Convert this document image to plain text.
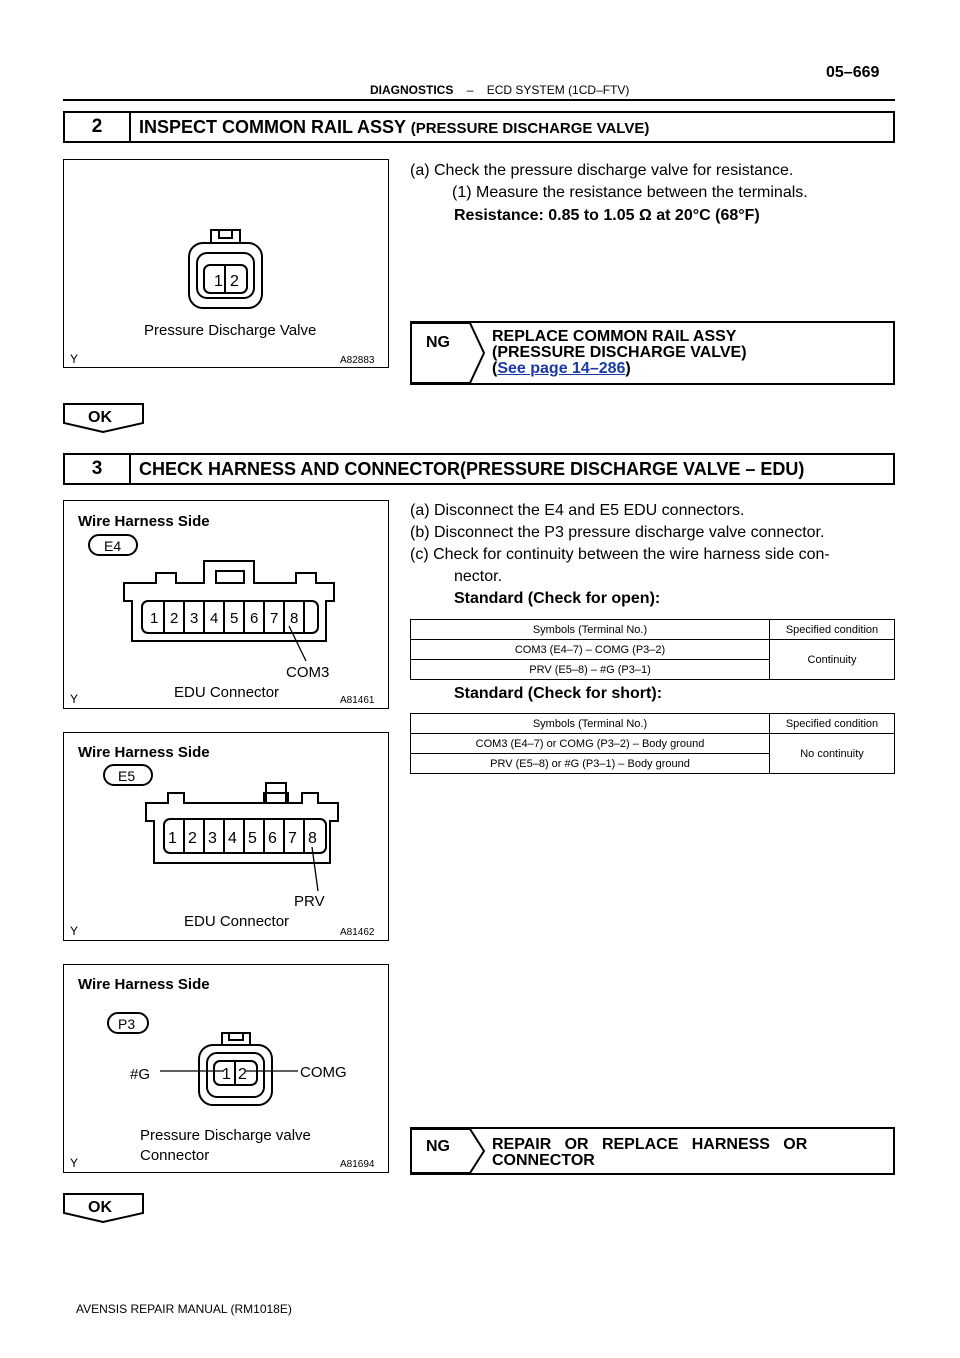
05–669
DIAGNOSTICS – ECD SYSTEM (1CD–FTV)
2	INSPECT COMMON RAIL ASSY (PRESSURE DISCHARGE VALVE)
1 2
Pressure Discharge Valve
Y	A82883
(a) Check the pressure discharge valve for resistance.
(1) Measure the resistance between the terminals.
Resistance: 0.85 to 1.05 Ω at 20°C (68°F)
NG	REPLACE COMMON RAIL ASSY
(PRESSURE DISCHARGE VALVE)
(See page 14–286)
OK
3	CHECK HARNESS AND CONNECTOR(PRESSURE DISCHARGE VALVE – EDU)
1 2 3 4 5 6 7 8
Wire Harness Side
E4
COM3
EDU Connector
Y	A81461
1 2 3 4 5 6 7 8
Wire Harness Side
E5
PRV
EDU Connector
Y	A81462
1 2
Wire Harness Side
P3
#G	COMG
Pressure Discharge valve
Connector
Y	A81694
(a) Disconnect the E4 and E5 EDU connectors.
(b) Disconnect the P3 pressure discharge valve connector.
(c) Check for continuity between the wire harness side con-
nector.
Standard (Check for open):
Symbols (Terminal No.)	Specified condition
COM3 (E4–7) – COMG (P3–2)	Continuity
PRV (E5–8) – #G (P3–1)	
Standard (Check for short):
Symbols (Terminal No.)	Specified condition
COM3 (E4–7) or COMG (P3–2) – Body ground	No continuity
PRV (E5–8) or #G (P3–1) – Body ground	
NG	REPAIR   OR   REPLACE   HARNESS   OR
CONNECTOR
OK
AVENSIS REPAIR MANUAL (RM1018E)
